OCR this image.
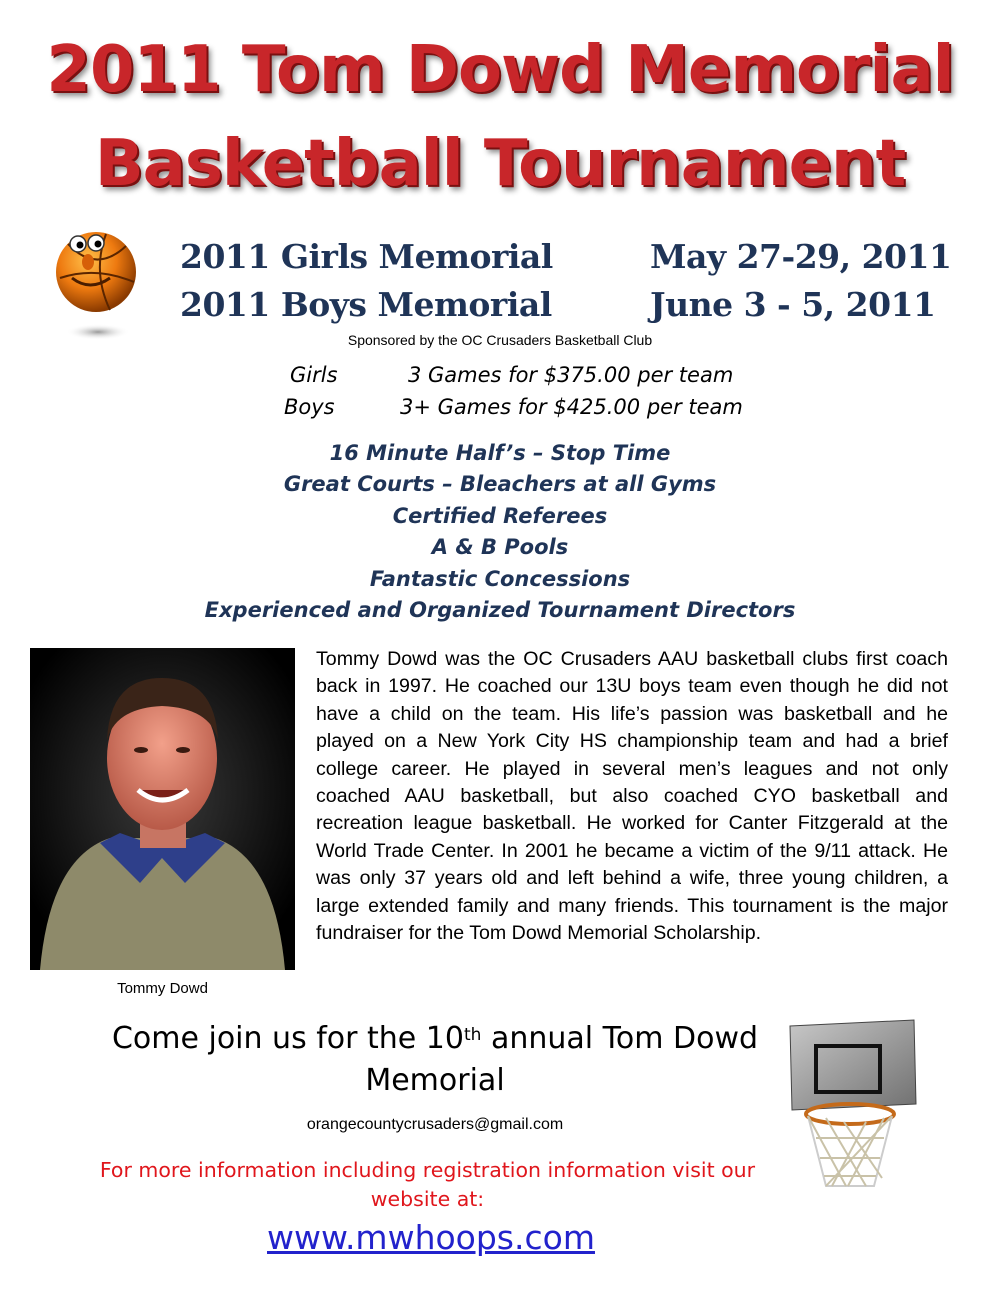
2011 Tom Dowd Memorial
Basketball Tournament
2011 Girls Memorial	May 27-29, 2011
2011 Boys Memorial	June 3 - 5, 2011
Sponsored by the OC Crusaders Basketball Club
Girls	3 Games for $375.00 per team
Boys	3+ Games for $425.00 per team
16 Minute Half’s – Stop Time
Great Courts – Bleachers at all Gyms
Certified Referees
A & B Pools
Fantastic Concessions
Experienced and Organized Tournament Directors
Tommy Dowd

Tommy Dowd was the OC Crusaders AAU basketball clubs first coach back in 1997. He coached our 13U boys team even though he did not have a child on the team. His life’s passion was basketball and he played on a New York City HS championship team and had a brief college career. He played in several men’s leagues and not only coached AAU basketball, but also coached CYO basketball and recreation league basketball. He worked for Canter Fitzgerald at the World Trade Center. In 2001 he became a victim of the 9/11 attack. He was only 37 years old and left behind a wife, three young children, a large extended family and many friends. This tournament is the major fundraiser for the Tom Dowd Memorial Scholarship.

Come join us for the 10th annual Tom Dowd Memorial
orangecountycrusaders@gmail.com
For more information including registration information visit our website at:
www.mwhoops.com
